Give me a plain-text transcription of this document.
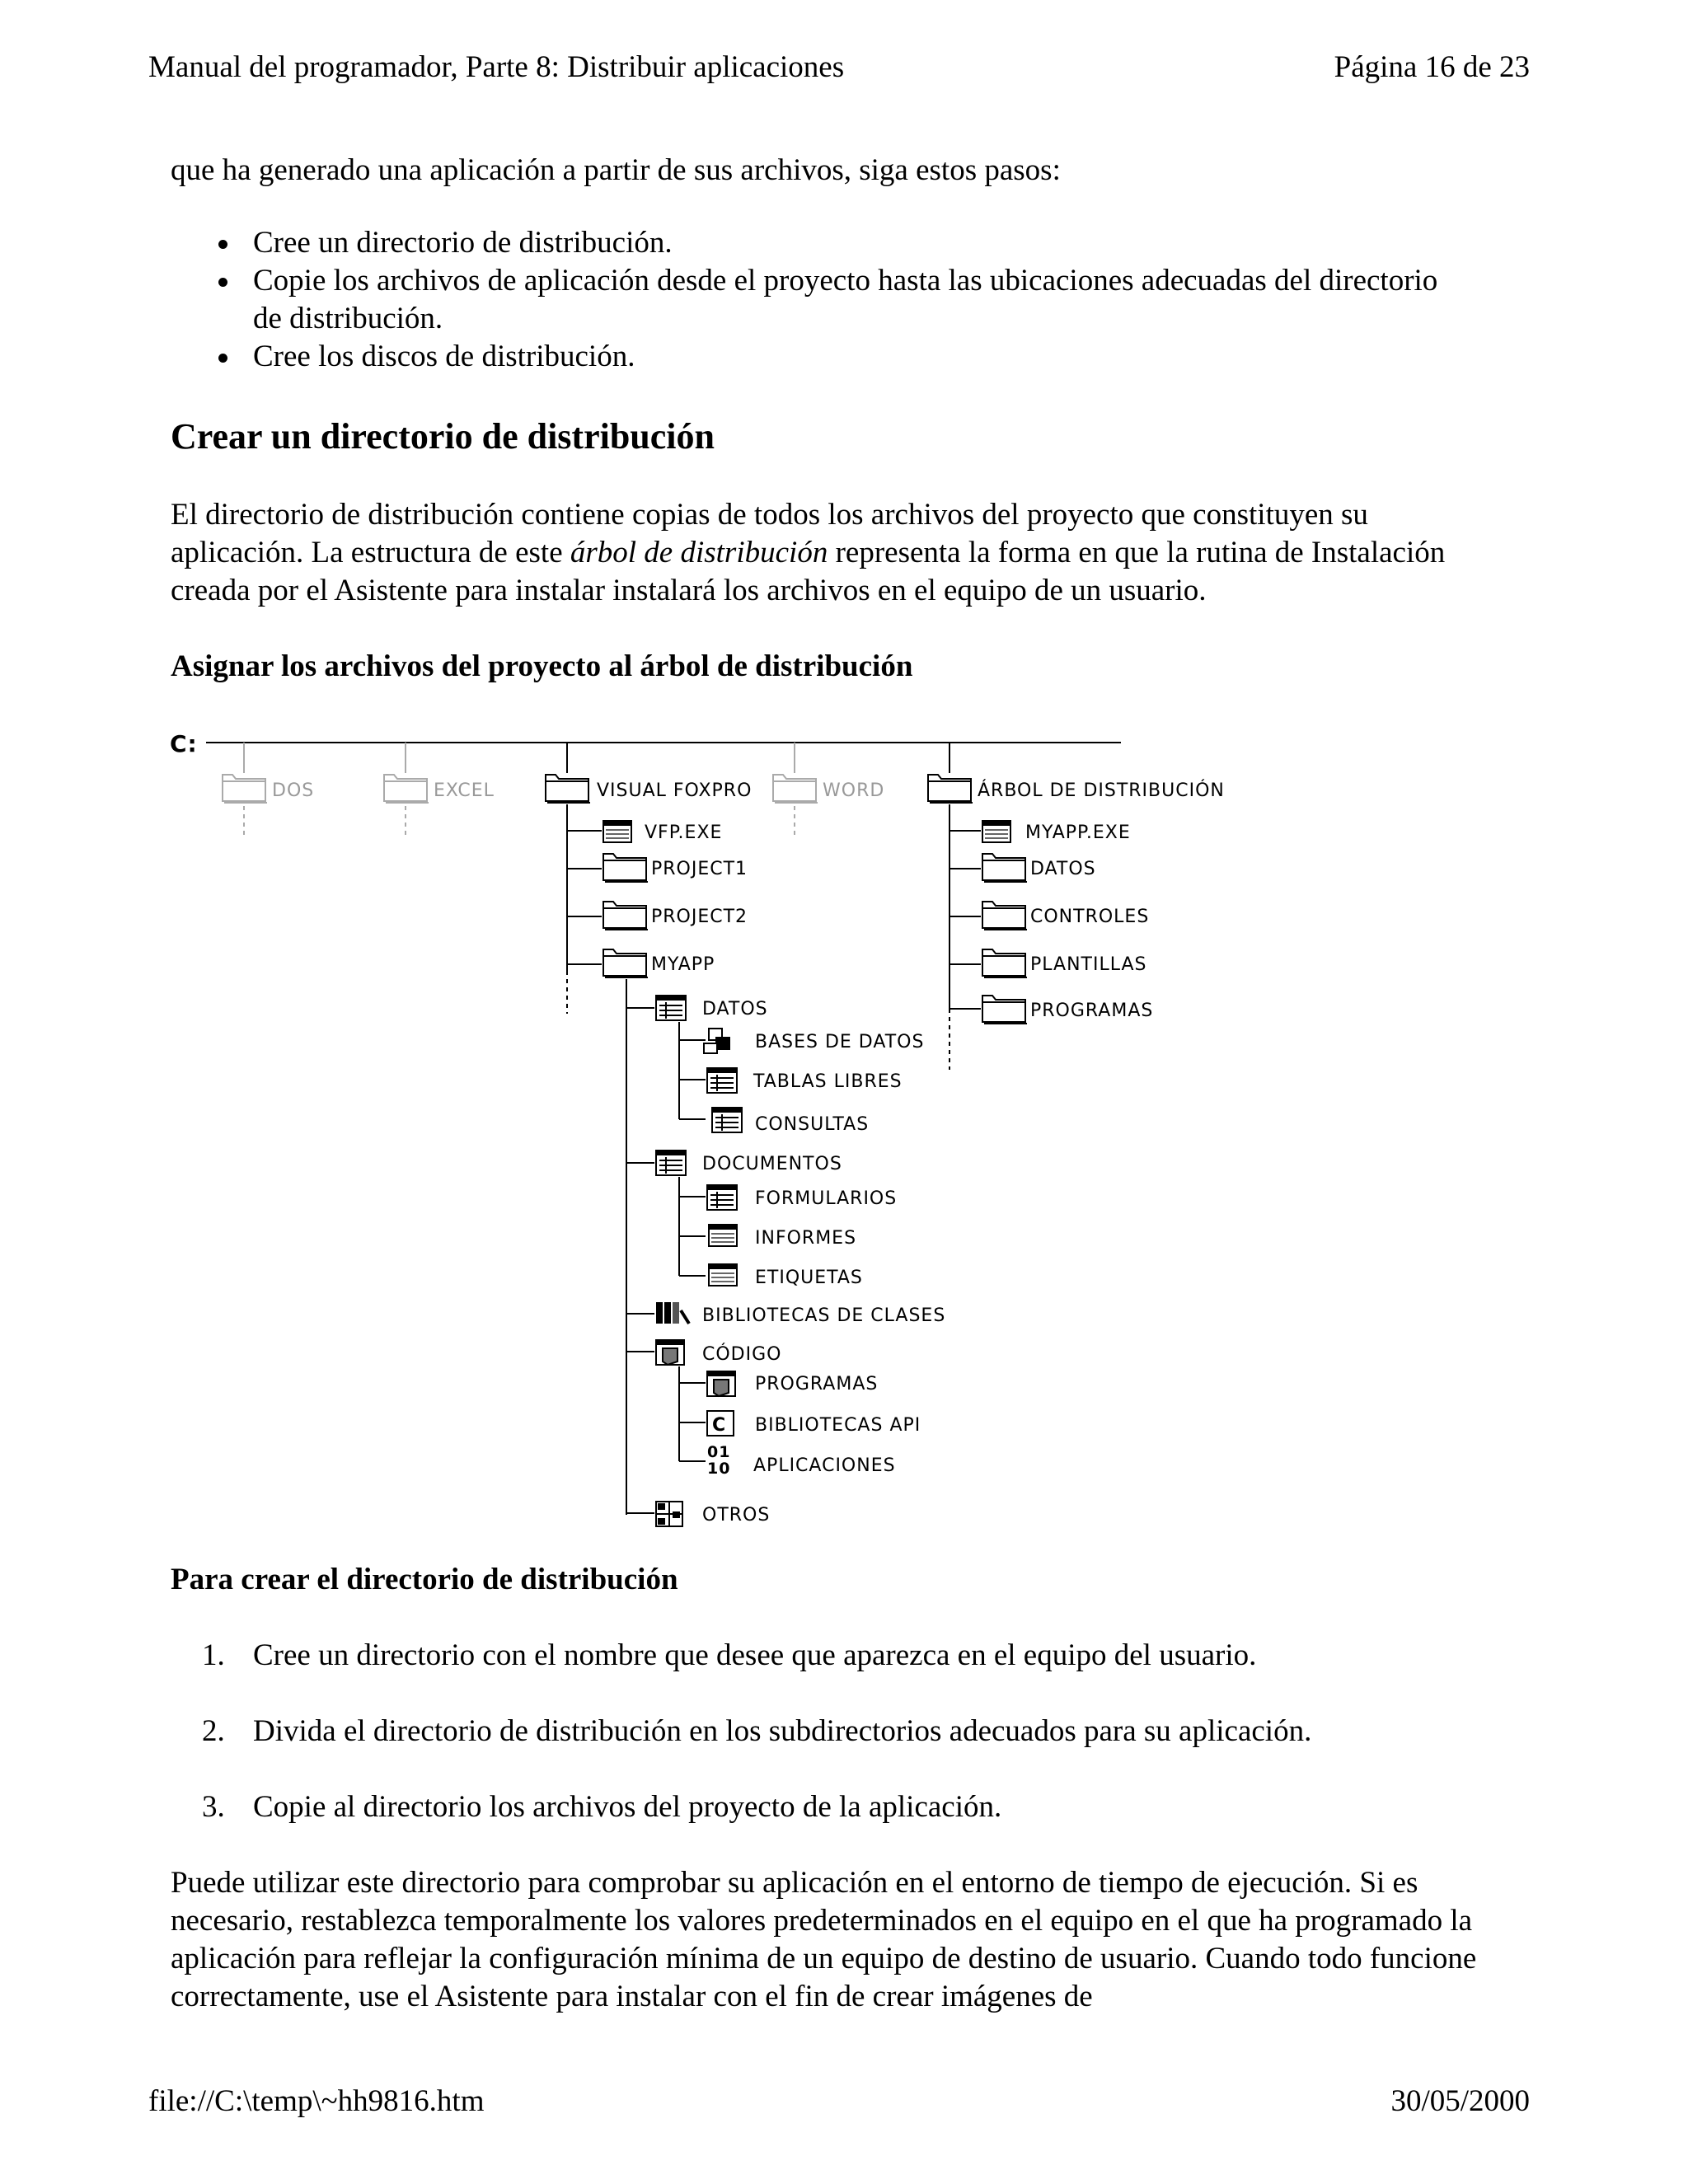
Manual del programador, Parte 8: Distribuir aplicaciones	Página 16 de 23
que ha generado una aplicación a partir de sus archivos, siga estos pasos:
Cree un directorio de distribución.
Copie los archivos de aplicación desde el proyecto hasta las ubicaciones adecuadas del directorio de distribución.
Cree los discos de distribución.
Crear un directorio de distribución
El directorio de distribución contiene copias de todos los archivos del proyecto que constituyen su aplicación. La estructura de este árbol de distribución representa la forma en que la rutina de Instalación creada por el Asistente para instalar instalará los archivos en el equipo de un usuario.
Asignar los archivos del proyecto al árbol de distribución
C:
DOS	EXCEL	WORD
VISUAL FOXPRO
VFP.EXE
PROJECT1
PROJECT2
MYAPP
DATOS
BASES DE DATOS
TABLAS LIBRES
CONSULTAS
DOCUMENTOS
FORMULARIOS
INFORMES
ETIQUETAS
BIBLIOTECAS DE CLASES
CÓDIGO
PROGRAMAS
C BIBLIOTECAS API
01
10 APLICACIONES
OTROS
ÁRBOL DE DISTRIBUCIÓN
MYAPP.EXE
DATOS
CONTROLES
PLANTILLAS
PROGRAMAS
Para crear el directorio de distribución
1. Cree un directorio con el nombre que desee que aparezca en el equipo del usuario.
2. Divida el directorio de distribución en los subdirectorios adecuados para su aplicación.
3. Copie al directorio los archivos del proyecto de la aplicación.
Puede utilizar este directorio para comprobar su aplicación en el entorno de tiempo de ejecución. Si es necesario, restablezca temporalmente los valores predeterminados en el equipo en el que ha programado la aplicación para reflejar la configuración mínima de un equipo de destino de usuario. Cuando todo funcione correctamente, use el Asistente para instalar con el fin de crear imágenes de
file://C:\temp\~hh9816.htm	30/05/2000
